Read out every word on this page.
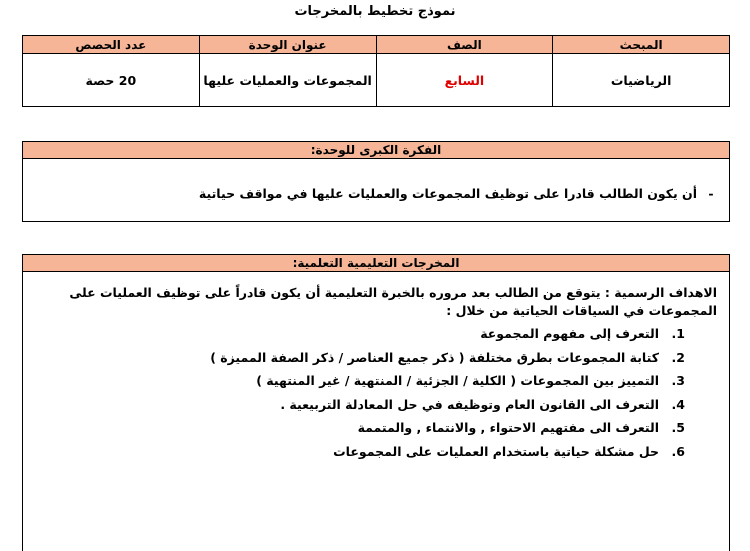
نموذج تخطيط بالمخرجات
المبحث	الصف	عنوان الوحدة	عدد الحصص
الرياضيات	السابع	المجموعات والعمليات عليها	20 حصة
الفكرة الكبرى للوحدة:
-أن يكون الطالب قادرا على توظيف المجموعات والعمليات عليها في مواقف حياتية
المخرجات التعليمية التعلمية:
الاهداف الرسمية : يتوقع من الطالب بعد مروره بالخبرة التعليمية أن يكون قادراً على توظيف العمليات على المجموعات في السياقات الحياتية من خلال :
1.التعرف إلى مفهوم المجموعة
2.كتابة المجموعات بطرق مختلفة ( ذكر جميع العناصر / ذكر الصفة المميزة )
3.التمييز بين المجموعات ( الكلية / الجزئية / المنتهية / غير المنتهية )
4.التعرف الى القانون العام وتوظيفه في حل المعادلة التربيعية .
5.التعرف الى مفتهيم الاحتواء , والانتماء , والمتممة
6.حل مشكلة حياتية باستخدام العمليات على المجموعات
